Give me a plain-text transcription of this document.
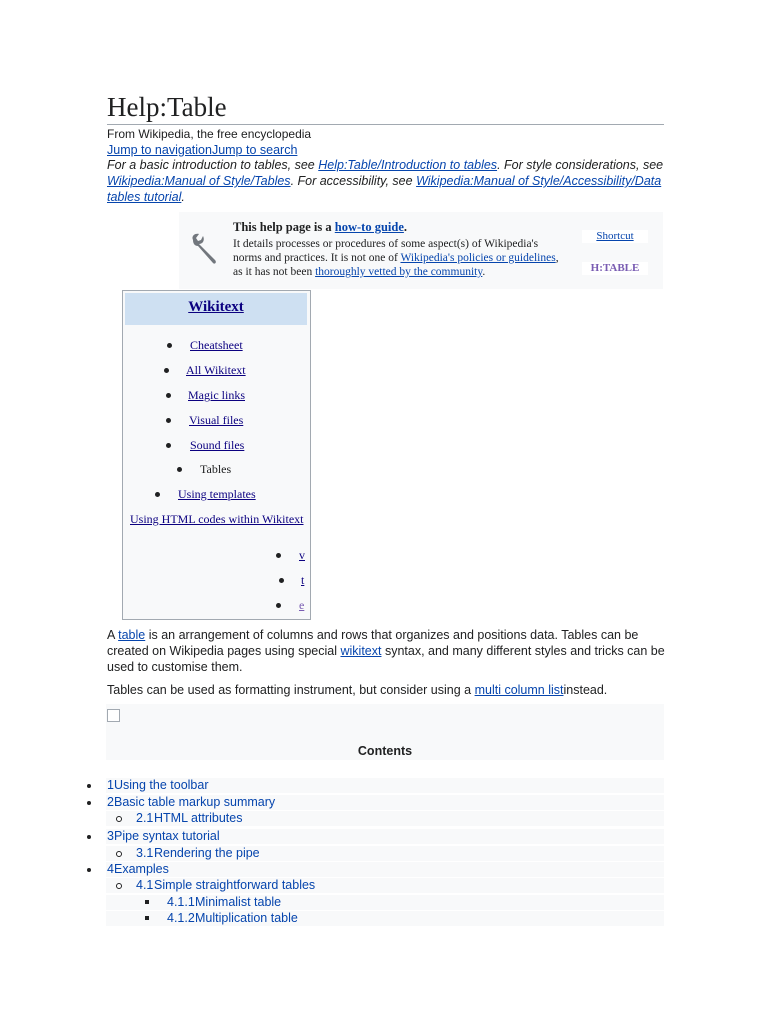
Help:Table
From Wikipedia, the free encyclopedia
Jump to navigationJump to search
For a basic introduction to tables, see Help:Table/Introduction to tables. For style considerations, see Wikipedia:Manual of Style/Tables. For accessibility, see Wikipedia:Manual of Style/Accessibility/Data tables tutorial.
This help page is a how-to guide.
It details processes or procedures of some aspect(s) of Wikipedia's norms and practices. It is not one of Wikipedia's policies or guidelines, as it has not been thoroughly vetted by the community.
Shortcut
H:TABLE
Wikitext
Cheatsheet
All Wikitext
Magic links
Visual files
Sound files
Tables
Using templates
Using HTML codes within Wikitext
v
t
e
A table is an arrangement of columns and rows that organizes and positions data. Tables can be created on Wikipedia pages using special wikitext syntax, and many different styles and tricks can be used to customise them.
Tables can be used as formatting instrument, but consider using a multi column listinstead.
Contents
1 Using the toolbar
2 Basic table markup summary
2.1 HTML attributes
3 Pipe syntax tutorial
3.1 Rendering the pipe
4 Examples
4.1 Simple straightforward tables
4.1.1 Minimalist table
4.1.2 Multiplication table
